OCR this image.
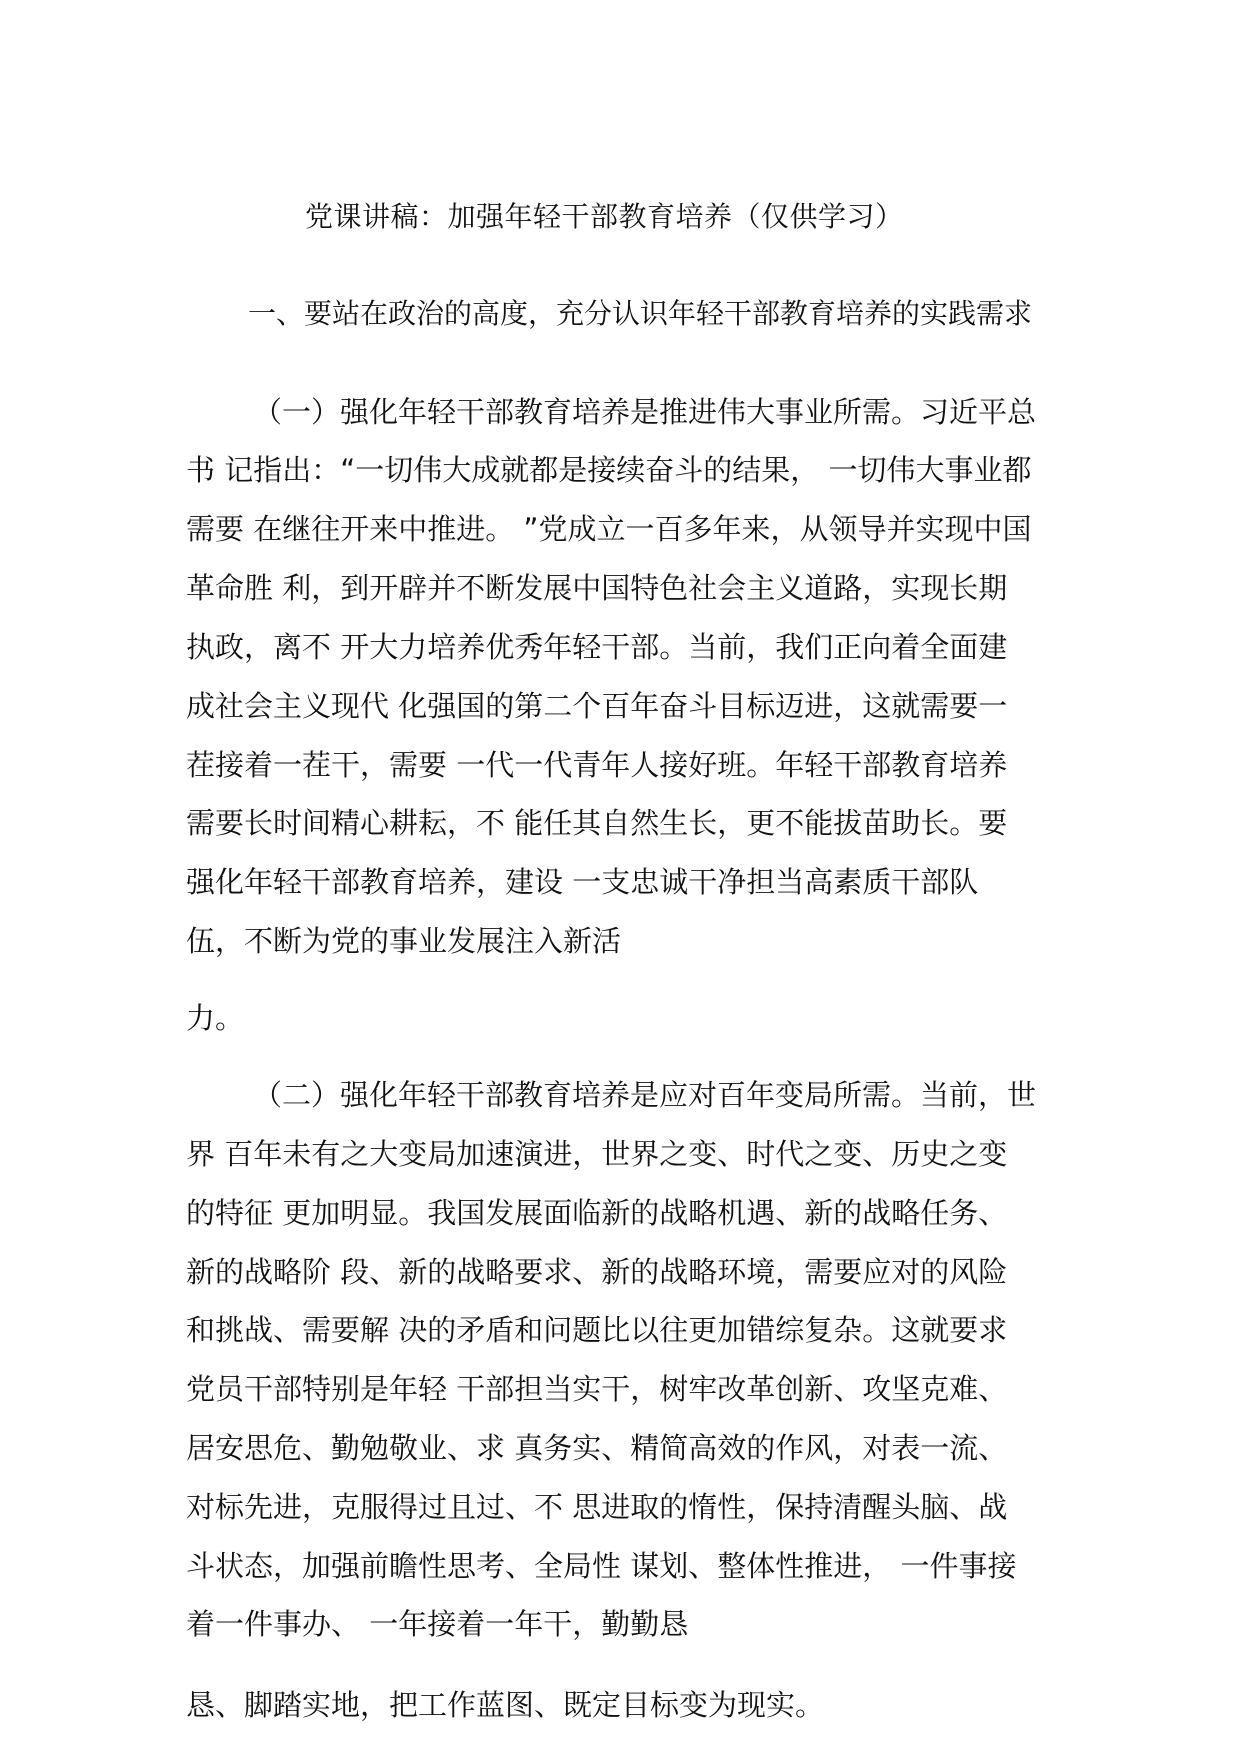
党课讲稿：加强年轻干部教育培养（仅供学习）
一、要站在政治的高度，充分认识年轻干部教育培养的实践需求
（一）强化年轻干部教育培养是推进伟大事业所需。习近平总
书 记指出：“一切伟大成就都是接续奋斗的结果， 一切伟大事业都
需要 在继往开来中推进。 ”党成立一百多年来，从领导并实现中国
革命胜 利，到开辟并不断发展中国特色社会主义道路，实现长期
执政，离不 开大力培养优秀年轻干部。当前，我们正向着全面建
成社会主义现代 化强国的第二个百年奋斗目标迈进，这就需要一
茬接着一茬干，需要 一代一代青年人接好班。年轻干部教育培养
需要长时间精心耕耘，不 能任其自然生长，更不能拔苗助长。要
强化年轻干部教育培养，建设 一支忠诚干净担当高素质干部队
伍，不断为党的事业发展注入新活
力。
（二）强化年轻干部教育培养是应对百年变局所需。当前，世
界 百年未有之大变局加速演进，世界之变、时代之变、历史之变
的特征 更加明显。我国发展面临新的战略机遇、新的战略任务、
新的战略阶 段、新的战略要求、新的战略环境，需要应对的风险
和挑战、需要解 决的矛盾和问题比以往更加错综复杂。这就要求
党员干部特别是年轻 干部担当实干，树牢改革创新、攻坚克难、
居安思危、勤勉敬业、求 真务实、精简高效的作风，对表一流、
对标先进，克服得过且过、不 思进取的惰性，保持清醒头脑、战
斗状态，加强前瞻性思考、全局性 谋划、整体性推进， 一件事接
着一件事办、 一年接着一年干，勤勤恳
恳、脚踏实地，把工作蓝图、既定目标变为现实。
